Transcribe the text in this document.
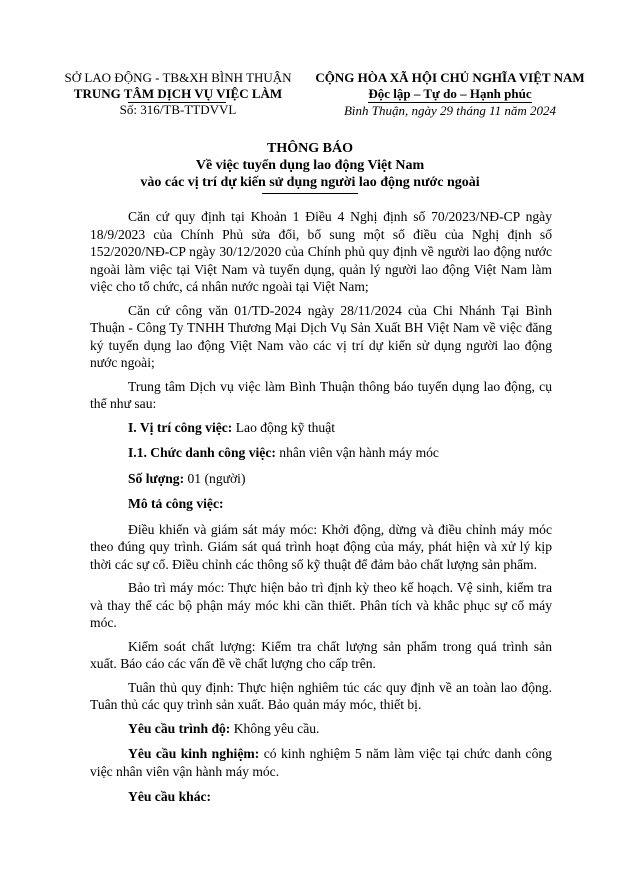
SỞ LAO ĐỘNG - TB&XH BÌNH THUẬN
TRUNG TÂM DỊCH VỤ VIỆC LÀM
Số: 316/TB-TTDVVL
CỘNG HÒA XÃ HỘI CHỦ NGHĨA VIỆT NAM
Độc lập – Tự do – Hạnh phúc
Bình Thuận, ngày 29 tháng 11 năm 2024
THÔNG BÁO
Về việc tuyển dụng lao động Việt Nam
vào các vị trí dự kiến sử dụng người lao động nước ngoài

Căn cứ quy định tại Khoản 1 Điều 4 Nghị định số 70/2023/NĐ-CP ngày 18/9/2023 của Chính Phủ sửa đổi, bổ sung một số điều của Nghị định số 152/2020/NĐ-CP ngày 30/12/2020 của Chính phủ quy định về người lao động nước ngoài làm việc tại Việt Nam và tuyển dụng, quản lý người lao động Việt Nam làm việc cho tổ chức, cá nhân nước ngoài tại Việt Nam;

Căn cứ công văn 01/TD-2024 ngày 28/11/2024 của Chi Nhánh Tại Bình Thuận - Công Ty TNHH Thương Mại Dịch Vụ Sản Xuất BH Việt Nam về việc đăng ký tuyển dụng lao động Việt Nam vào các vị trí dự kiến sử dụng người lao động nước ngoài;

Trung tâm Dịch vụ việc làm Bình Thuận thông báo tuyển dụng lao động, cụ thể như sau:

I. Vị trí công việc: Lao động kỹ thuật

I.1. Chức danh công việc: nhân viên vận hành máy móc

Số lượng: 01 (người)

Mô tả công việc:

Điều khiển và giám sát máy móc: Khởi động, dừng và điều chỉnh máy móc theo đúng quy trình. Giám sát quá trình hoạt động của máy, phát hiện và xử lý kịp thời các sự cố. Điều chỉnh các thông số kỹ thuật để đảm bảo chất lượng sản phẩm.

Bảo trì máy móc: Thực hiện bảo trì định kỳ theo kế hoạch. Vệ sinh, kiểm tra và thay thế các bộ phận máy móc khi cần thiết. Phân tích và khắc phục sự cố máy móc.

Kiểm soát chất lượng: Kiểm tra chất lượng sản phẩm trong quá trình sản xuất. Báo cáo các vấn đề về chất lượng cho cấp trên.

Tuân thủ quy định: Thực hiện nghiêm túc các quy định về an toàn lao động. Tuân thủ các quy trình sản xuất. Bảo quản máy móc, thiết bị.

Yêu cầu trình độ: Không yêu cầu.

Yêu cầu kinh nghiệm: có kinh nghiệm 5 năm làm việc tại chức danh công việc nhân viên vận hành máy móc.

Yêu cầu khác:
